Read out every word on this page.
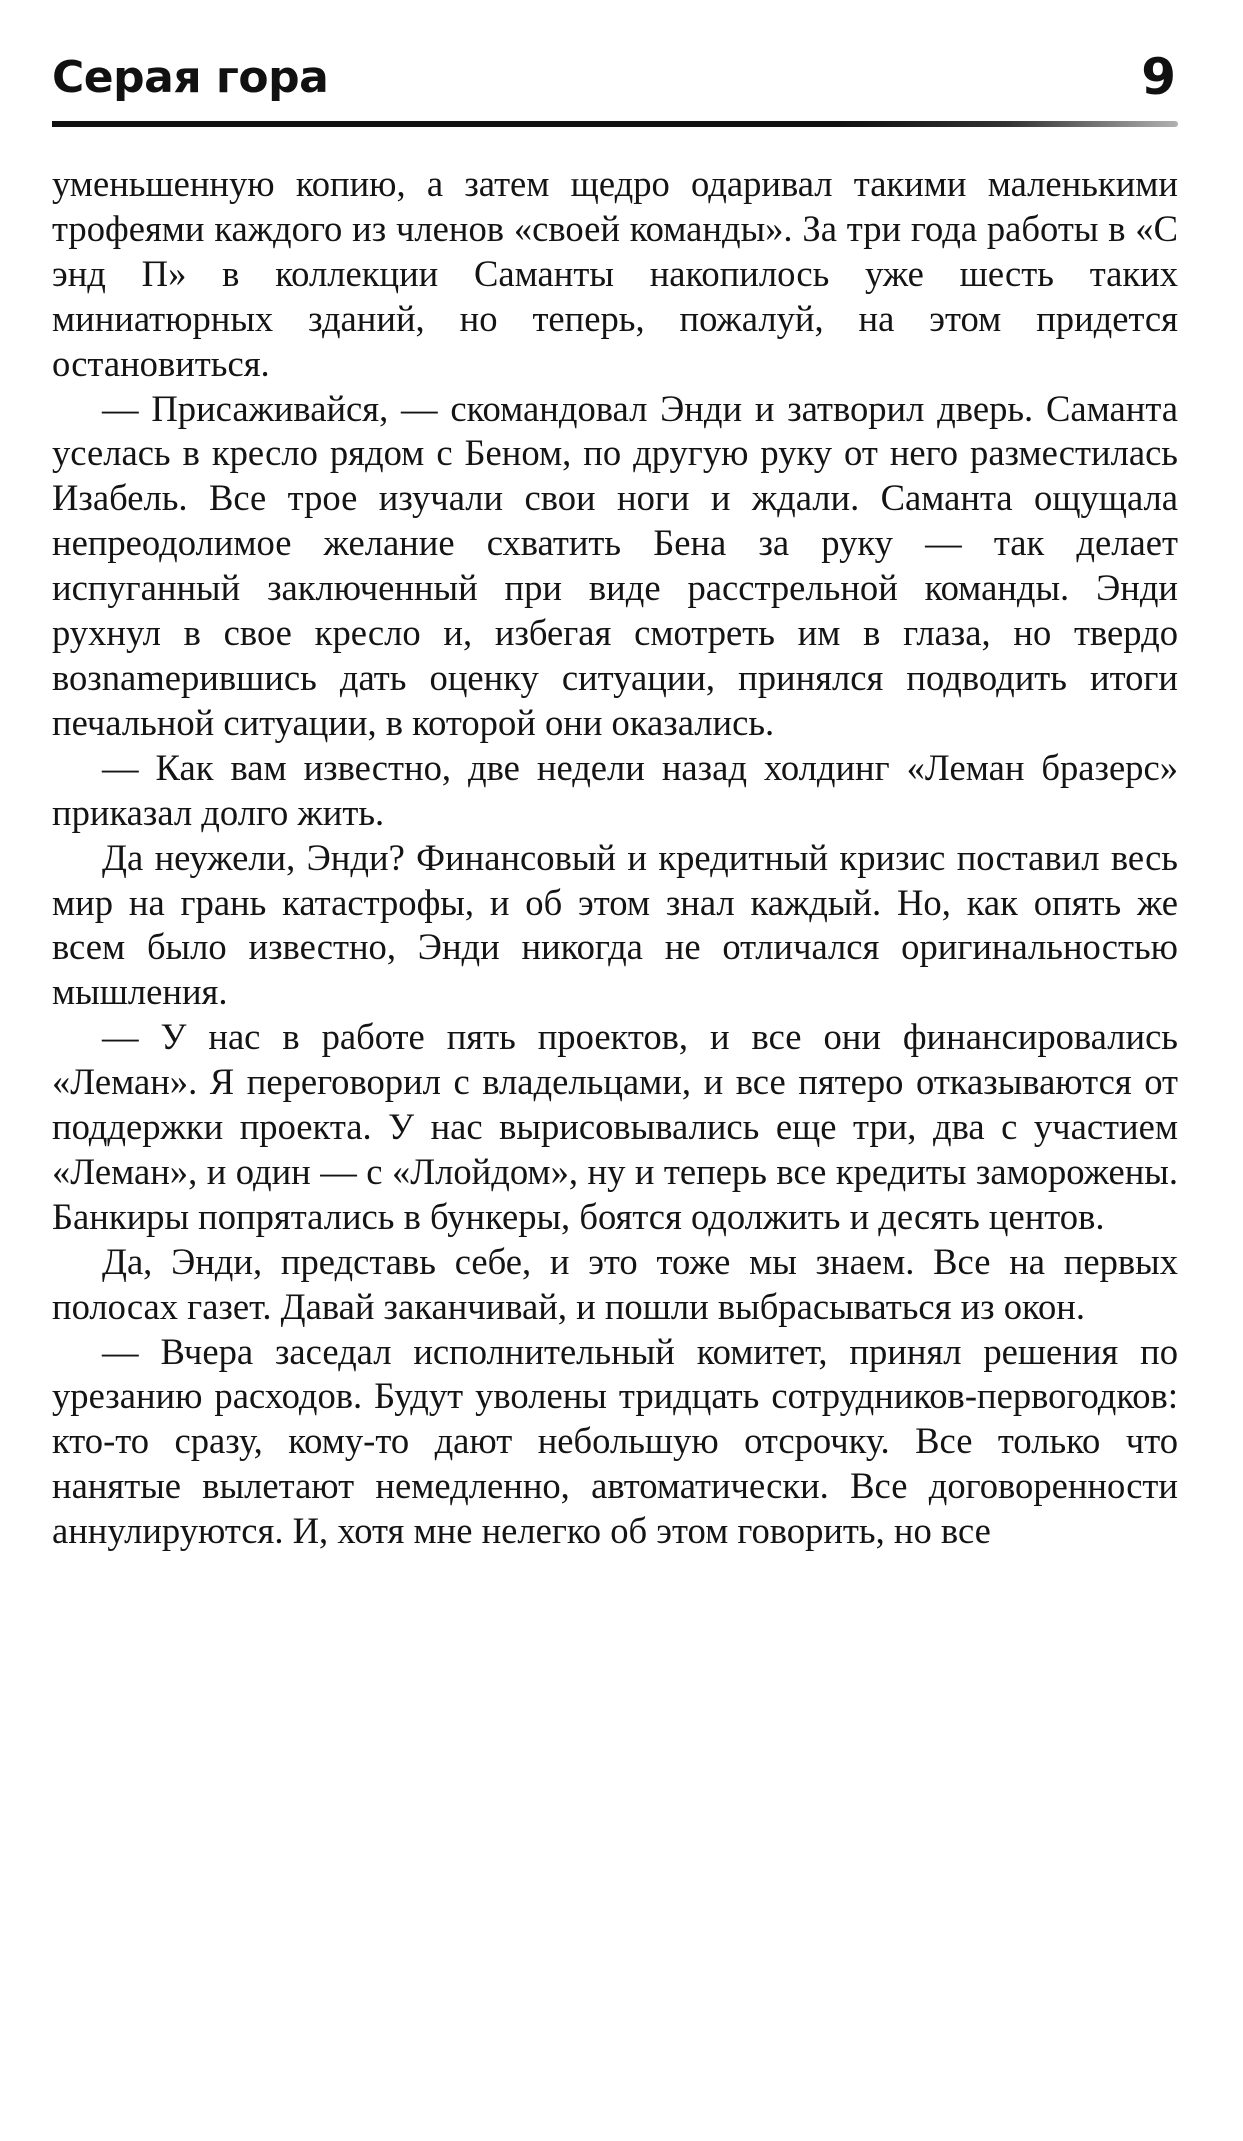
Серая гора	9

уменьшенную копию, а затем щедро одаривал такими маленькими трофеями каждого из членов «своей команды». За три года работы в «С энд П» в коллекции Саманты накопилось уже шесть таких миниатюрных зданий, но теперь, пожалуй, на этом придется остановиться.

— Присаживайся, — скомандовал Энди и затворил дверь. Саманта уселась в кресло рядом с Беном, по другую руку от него разместилась Изабель. Все трое изучали свои ноги и ждали. Саманта ощущала непреодолимое желание схватить Бена за руку — так делает испуганный заключенный при виде расстрельной команды. Энди рухнул в свое кресло и, избегая смотреть им в глаза, но твердо возnameрившись дать оценку ситуации, принялся подводить итоги печальной ситуации, в которой они оказались.

— Как вам известно, две недели назад холдинг «Леман бразерс» приказал долго жить.

Да неужели, Энди? Финансовый и кредитный кризис поставил весь мир на грань катастрофы, и об этом знал каждый. Но, как опять же всем было известно, Энди никогда не отличался оригинальностью мышления.

— У нас в работе пять проектов, и все они финансировались «Леман». Я переговорил с владельцами, и все пятеро отказываются от поддержки проекта. У нас вырисовывались еще три, два с участием «Леман», и один — с «Ллойдом», ну и теперь все кредиты заморожены. Банкиры попрятались в бункеры, боятся одолжить и десять центов.

Да, Энди, представь себе, и это тоже мы знаем. Все на первых полосах газет. Давай заканчивай, и пошли выбрасываться из окон.

— Вчера заседал исполнительный комитет, принял решения по урезанию расходов. Будут уволены тридцать сотрудников-первогодков: кто-то сразу, кому-то дают небольшую отсрочку. Все только что нанятые вылетают немедленно, автоматически. Все договоренности аннулируются. И, хотя мне нелегко об этом говорить, но все
